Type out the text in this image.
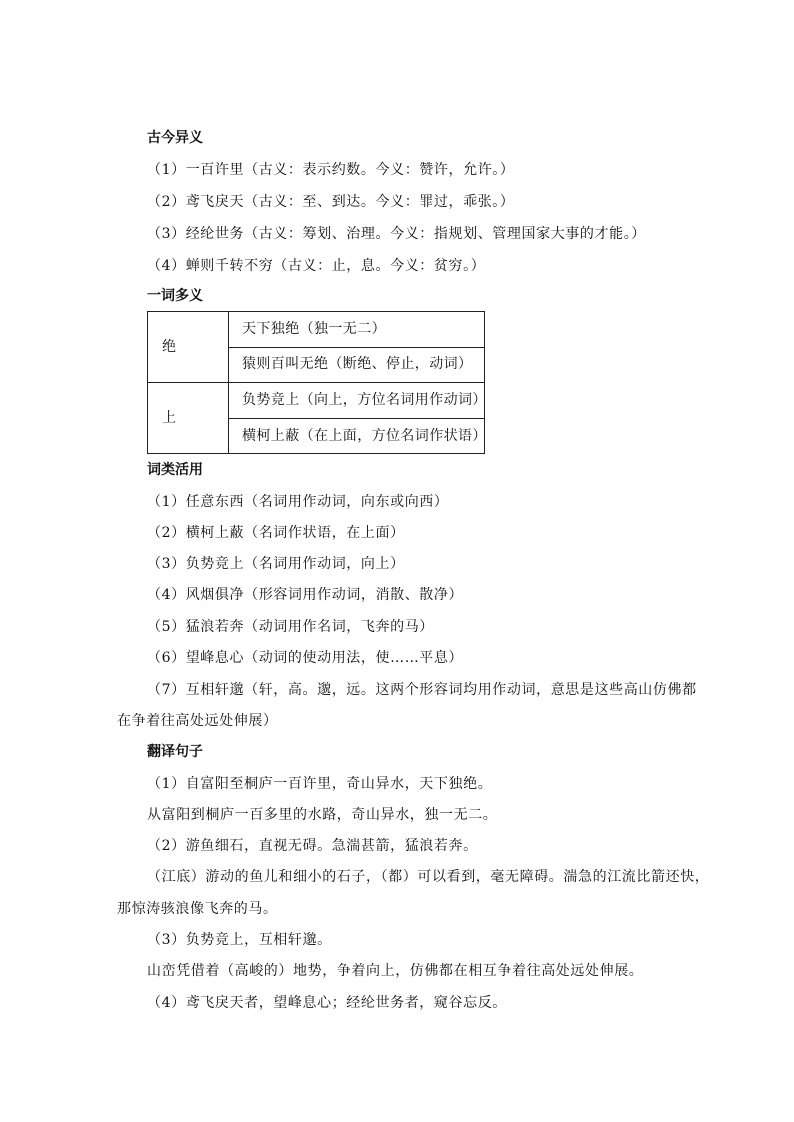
古今异义
（1）一百许里（古义：表示约数。今义：赞许，允许。）
（2）鸢飞戾天（古义：至、到达。今义：罪过，乖张。）
（3）经纶世务（古义：筹划、治理。今义：指规划、管理国家大事的才能。）
（4）蝉则千转不穷（古义：止，息。今义：贫穷。）
一词多义
绝
上
天下独绝（独一无二）
猿则百叫无绝（断绝、停止，动词）
负势竞上（向上，方位名词用作动词）
横柯上蔽（在上面，方位名词作状语）
词类活用
（1）任意东西（名词用作动词，向东或向西）
（2）横柯上蔽（名词作状语，在上面）
（3）负势竞上（名词用作动词，向上）
（4）风烟俱净（形容词用作动词，消散、散净）
（5）猛浪若奔（动词用作名词，飞奔的马）
（6）望峰息心（动词的使动用法，使……平息）
（7）互相轩邈（轩，高。邈，远。这两个形容词均用作动词，意思是这些高山仿佛都
在争着往高处远处伸展）
翻译句子
（1）自富阳至桐庐一百许里，奇山异水，天下独绝。
从富阳到桐庐一百多里的水路，奇山异水，独一无二。
（2）游鱼细石，直视无碍。急湍甚箭，猛浪若奔。
（江底）游动的鱼儿和细小的石子，（都）可以看到，毫无障碍。湍急的江流比箭还快，
那惊涛骇浪像飞奔的马。
（3）负势竞上，互相轩邈。
山峦凭借着（高峻的）地势，争着向上，仿佛都在相互争着往高处远处伸展。
（4）鸢飞戾天者，望峰息心；经纶世务者，窥谷忘反。
